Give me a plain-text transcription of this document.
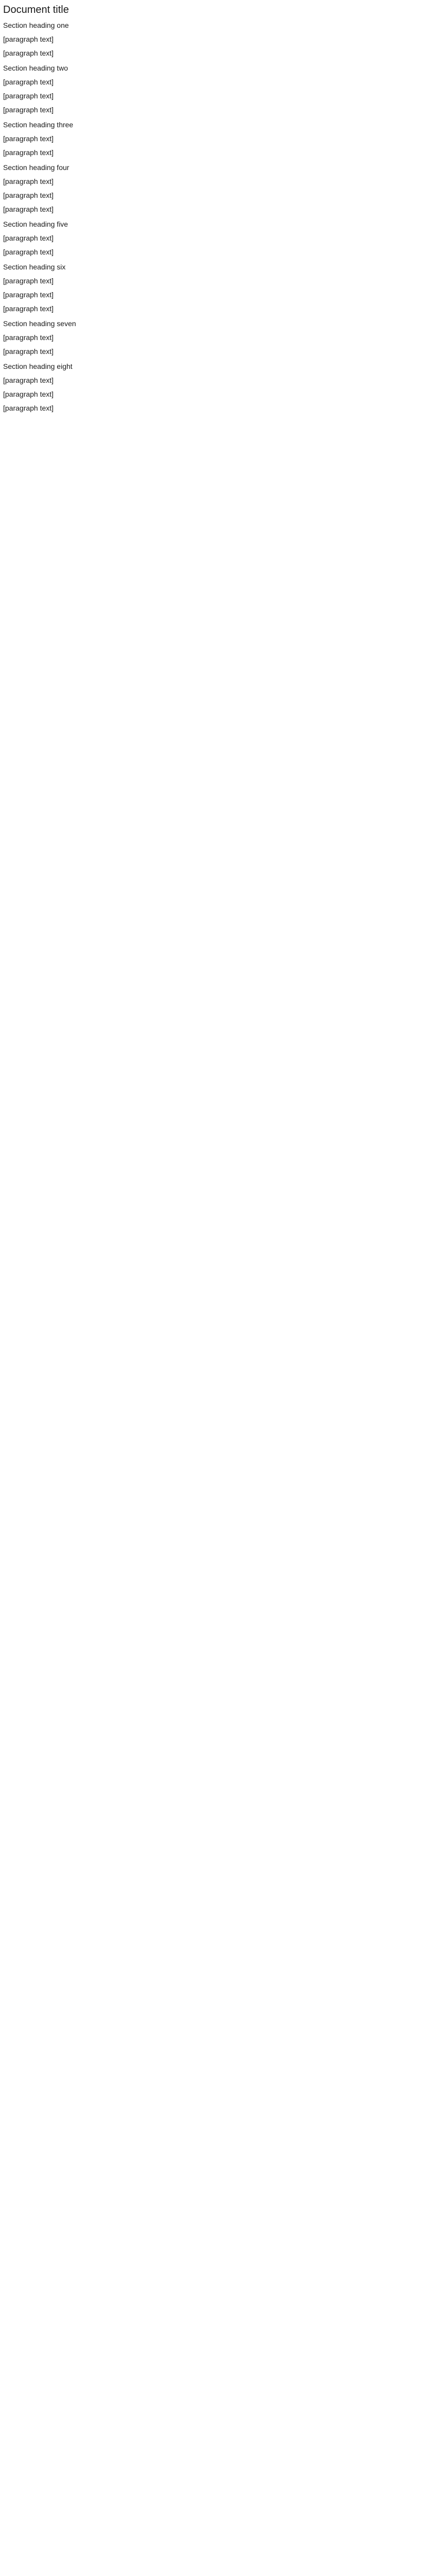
Document title
Section heading one

[paragraph text]

[paragraph text]

Section heading two

[paragraph text]

[paragraph text]

[paragraph text]

Section heading three

[paragraph text]

[paragraph text]

Section heading four

[paragraph text]

[paragraph text]

[paragraph text]

Section heading five

[paragraph text]

[paragraph text]

Section heading six

[paragraph text]

[paragraph text]

[paragraph text]

Section heading seven

[paragraph text]

[paragraph text]

Section heading eight

[paragraph text]

[paragraph text]

[paragraph text]
